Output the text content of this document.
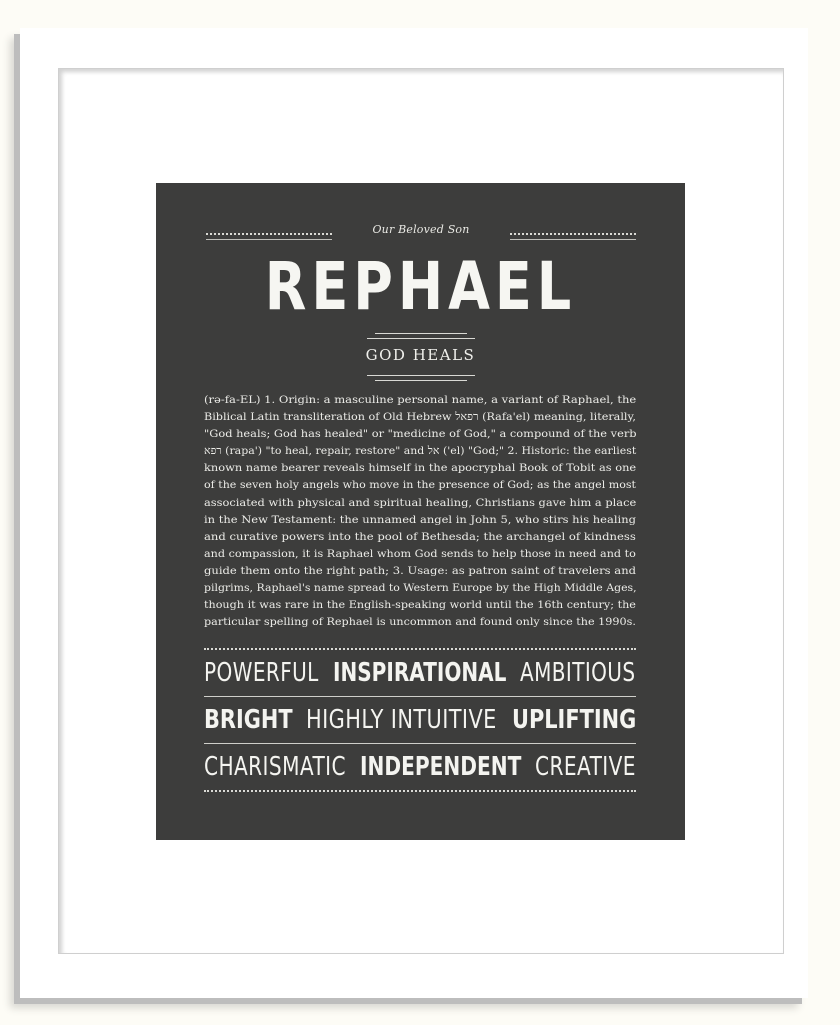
Our Beloved Son
REPHAEL
GOD HEALS
(rə-fa-EL) 1. Origin: a masculine personal name, a variant of Raphael, the
Biblical Latin transliteration of Old Hebrew רפאל (Rafa'el) meaning, literally,
"God heals; God has healed" or "medicine of God," a compound of the verb
רפא (rapa') "to heal, repair, restore" and אל ('el) "God;" 2. Historic: the earliest
known name bearer reveals himself in the apocryphal Book of Tobit as one
of the seven holy angels who move in the presence of God; as the angel most
associated with physical and spiritual healing, Christians gave him a place
in the New Testament: the unnamed angel in John 5, who stirs his healing
and curative powers into the pool of Bethesda; the archangel of kindness
and compassion, it is Raphael whom God sends to help those in need and to
guide them onto the right path; 3. Usage: as patron saint of travelers and
pilgrims, Raphael's name spread to Western Europe by the High Middle Ages,
though it was rare in the English-speaking world until the 16th century; the
particular spelling of Rephael is uncommon and found only since the 1990s.
POWERFUL INSPIRATIONAL AMBITIOUS
BRIGHT HIGHLY INTUITIVE UPLIFTING
CHARISMATIC INDEPENDENT CREATIVE
